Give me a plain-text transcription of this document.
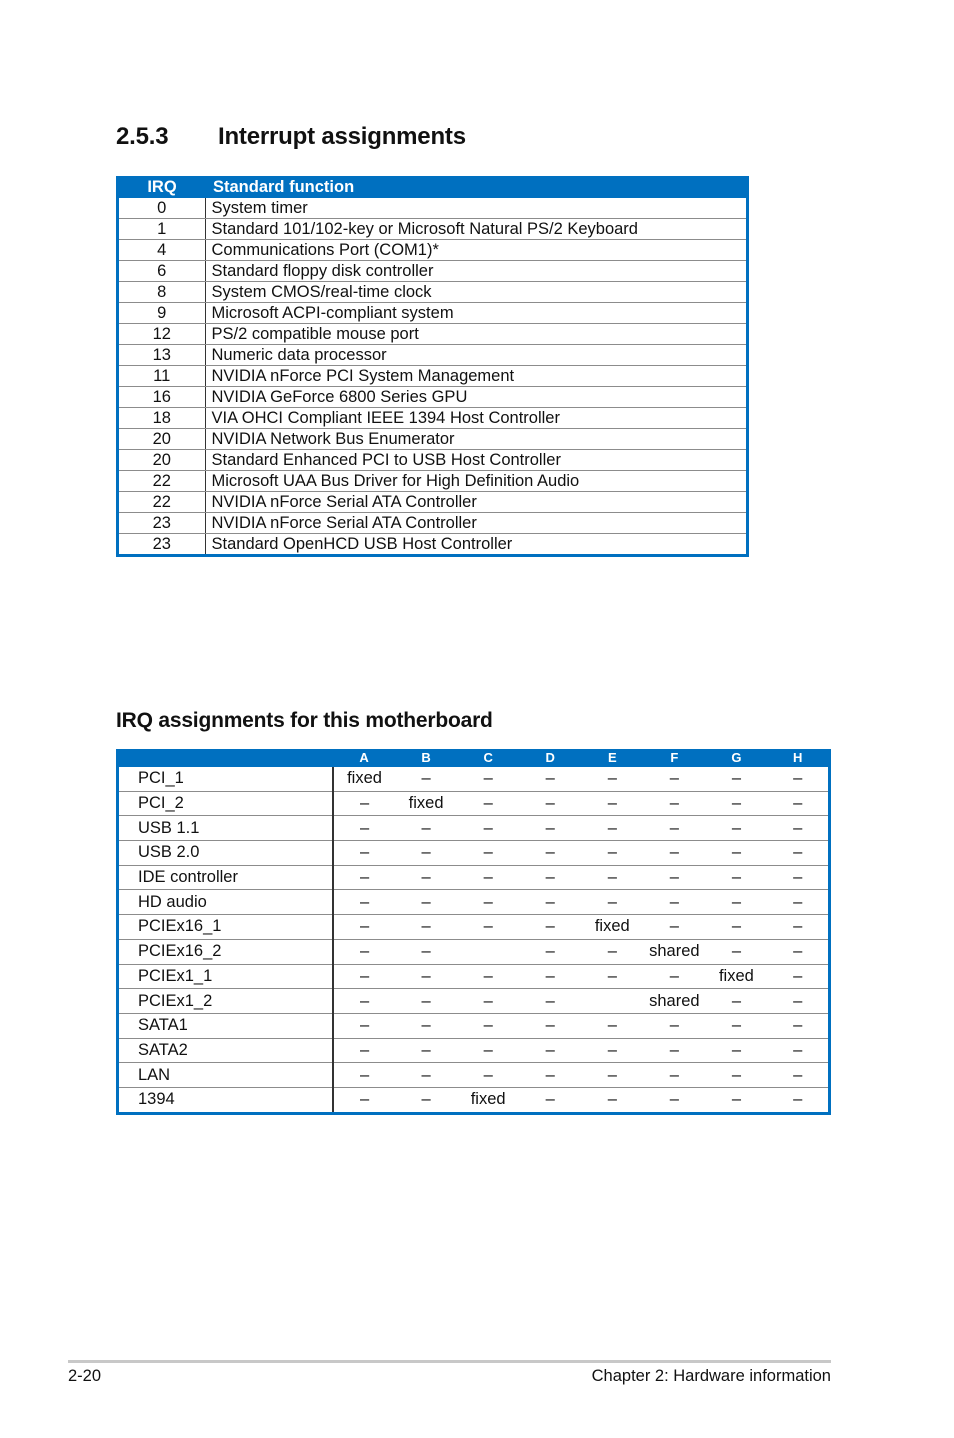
2.5.3 Interrupt assignments
IRQ	Standard function
0	System timer
1	Standard 101/102-key or Microsoft Natural PS/2 Keyboard
4	Communications Port (COM1)*
6	Standard floppy disk controller
8	System CMOS/real-time clock
9	Microsoft ACPI-compliant system
12	PS/2 compatible mouse port
13	Numeric data processor
11	NVIDIA nForce PCI System Management
16	NVIDIA GeForce 6800 Series GPU
18	VIA OHCI Compliant IEEE 1394 Host Controller
20	NVIDIA Network Bus Enumerator
20	Standard Enhanced PCI to USB Host Controller
22	Microsoft UAA Bus Driver for High Definition Audio
22	NVIDIA nForce Serial ATA Controller
23	NVIDIA nForce Serial ATA Controller
23	Standard OpenHCD USB Host Controller
IRQ assignments for this motherboard
	A	B	C	D	E	F	G	H
PCI_1	fixed	–	–	–	–	–	–	–
PCI_2	–	fixed	–	–	–	–	–	–
USB 1.1	–	–	–	–	–	–	–	–
USB 2.0	–	–	–	–	–	–	–	–
IDE controller	–	–	–	–	–	–	–	–
HD audio	–	–	–	–	–	–	–	–
PCIEx16_1	–	–	–	–	fixed	–	–	–
PCIEx16_2	–	–		–	–	shared	–	–
PCIEx1_1	–	–	–	–	–	–	fixed	–
PCIEx1_2	–	–	–	–		shared	–	–
SATA1	–	–	–	–	–	–	–	–
SATA2	–	–	–	–	–	–	–	–
LAN	–	–	–	–	–	–	–	–
1394	–	–	fixed	–	–	–	–	–
2-20	Chapter 2: Hardware information
